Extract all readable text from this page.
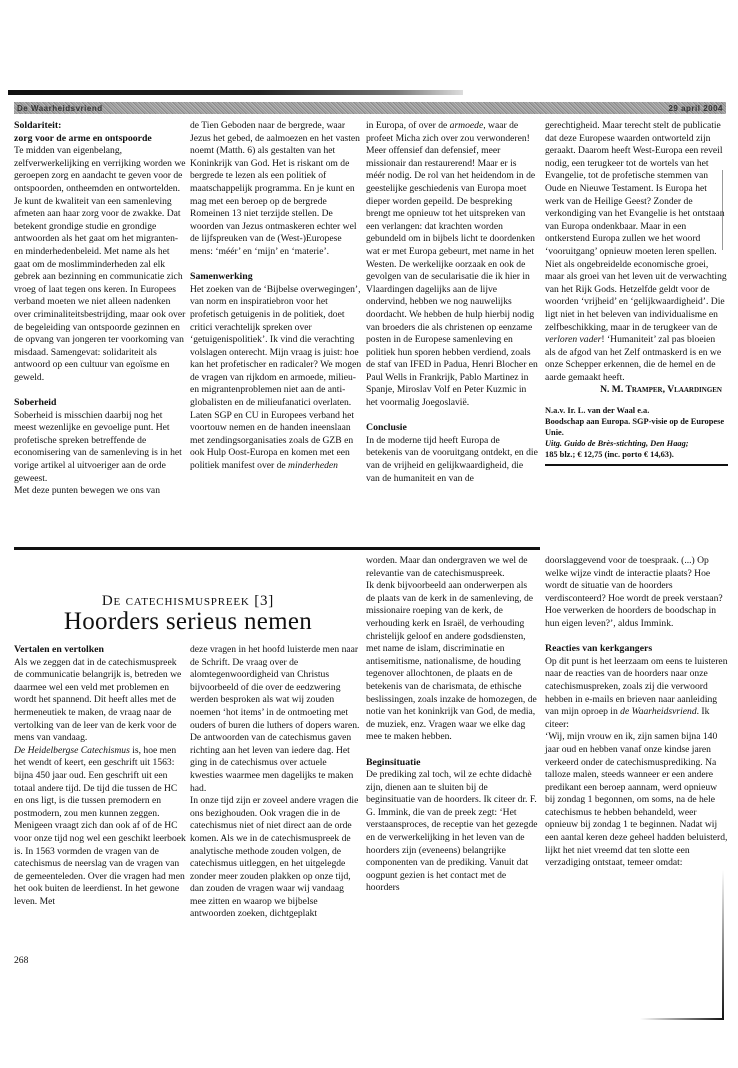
De Waarheidsvriend	29 april 2004
Soldariteit:
zorg voor de arme en ontspoorde

Te midden van eigenbelang, zelfverwerkelijking en verrijking worden we geroepen zorg en aandacht te geven voor de ontspoorden, ontheemden en ontwortelden. Je kunt de kwaliteit van een samenleving afmeten aan haar zorg voor de zwakke. Dat betekent grondige studie en grondige antwoorden als het gaat om het migranten- en minderhedenbeleid. Met name als het gaat om de moslimminderheden zal elk gebrek aan bezinning en communicatie zich vroeg of laat tegen ons keren. In Europees verband moeten we niet alleen nadenken over criminaliteitsbestrijding, maar ook over de begeleiding van ontspoorde gezinnen en de opvang van jongeren ter voorkoming van misdaad. Samengevat: solidariteit als antwoord op een cultuur van egoïsme en geweld.

Soberheid

Soberheid is misschien daarbij nog het meest wezenlijke en gevoelige punt. Het profetische spreken betreffende de economisering van de samenleving is in het vorige artikel al uitvoeriger aan de orde geweest.

Met deze punten bewegen we ons van

de Tien Geboden naar de bergrede, waar Jezus het gebed, de aalmoezen en het vasten noemt (Matth. 6) als gestalten van het Koninkrijk van God. Het is riskant om de bergrede te lezen als een politiek of maatschappelijk programma. En je kunt en mag met een beroep op de bergrede Romeinen 13 niet terzijde stellen. De woorden van Jezus ontmaskeren echter wel de lijfspreuken van de (West-)Europese mens: ‘méér’ en ‘mijn’ en ‘materie’.

Samenwerking

Het zoeken van de ‘Bijbelse overwegingen’, van norm en inspiratiebron voor het profetisch getuigenis in de politiek, doet critici verachtelijk spreken over ‘getuigenispolitiek’. Ik vind die verachting volslagen onterecht. Mijn vraag is juist: hoe kan het profetischer en radicaler? We mogen de vragen van rijkdom en armoede, milieu- en migrantenproblemen niet aan de anti-globalisten en de milieufanatici overlaten. Laten SGP en CU in Europees verband het voortouw nemen en de handen ineenslaan met zendingsorganisaties zoals de GZB en ook Hulp Oost-Europa en komen met een politiek manifest over de minderheden

in Europa, of over de armoede, waar de profeet Micha zich over zou verwonderen! Meer offensief dan defensief, meer missionair dan restaurerend! Maar er is méér nodig. De rol van het heidendom in de geestelijke geschiedenis van Europa moet dieper worden gepeild. De bespreking brengt me opnieuw tot het uitspreken van een verlangen: dat krachten worden gebundeld om in bijbels licht te doordenken wat er met Europa gebeurt, met name in het Westen. De werkelijke oorzaak en ook de gevolgen van de secularisatie die ik hier in Vlaardingen dagelijks aan de lijve ondervind, hebben we nog nauwelijks doordacht. We hebben de hulp hierbij nodig van broeders die als christenen op eenzame posten in de Europese samenleving en politiek hun sporen hebben verdiend, zoals de staf van IFED in Padua, Henri Blocher en Paul Wells in Frankrijk, Pablo Martinez in Spanje, Miroslav Volf en Peter Kuzmic in het voormalig Joegoslavië.

Conclusie

In de moderne tijd heeft Europa de betekenis van de vooruitgang ontdekt, en die van de vrijheid en gelijkwaardigheid, die van de humaniteit en van de

gerechtigheid. Maar terecht stelt de publicatie dat deze Europese waarden ontworteld zijn geraakt. Daarom heeft West-Europa een reveil nodig, een terugkeer tot de wortels van het Evangelie, tot de profetische stemmen van Oude en Nieuwe Testament. Is Europa het werk van de Heilige Geest? Zonder de verkondiging van het Evangelie is het ontstaan van Europa ondenkbaar. Maar in een ontkerstend Europa zullen we het woord ‘vooruitgang’ opnieuw moeten leren spellen. Niet als ongebreidelde economische groei, maar als groei van het leven uit de verwachting van het Rijk Gods. Hetzelfde geldt voor de woorden ‘vrijheid’ en ‘gelijkwaardigheid’. Die ligt niet in het beleven van individualisme en zelfbeschikking, maar in de terugkeer van de verloren vader! ‘Humaniteit’ zal pas bloeien als de afgod van het Zelf ontmaskerd is en we onze Schepper erkennen, die de hemel en de aarde gemaakt heeft.

N. M. Tramper, Vlaardingen

N.a.v. Ir. L. van der Waal e.a.
Boodschap aan Europa. SGP-visie op de Europese Unie.
Uitg. Guido de Brès-stichting, Den Haag;
185 blz.; € 12,75 (inc. porto € 14,63).
De catechismuspreek [3]
Hoorders serieus nemen
Vertalen en vertolken

Als we zeggen dat in de catechismuspreek de communicatie belangrijk is, betreden we daarmee wel een veld met problemen en wordt het spannend. Dit heeft alles met de hermeneutiek te maken, de vraag naar de vertolking van de leer van de kerk voor de mens van vandaag.

De Heidelbergse Catechismus is, hoe men het wendt of keert, een geschrift uit 1563: bijna 450 jaar oud. Een geschrift uit een totaal andere tijd. De tijd die tussen de HC en ons ligt, is die tussen premodern en postmodern, zou men kunnen zeggen. Menigeen vraagt zich dan ook af of de HC voor onze tijd nog wel een geschikt leerboek is. In 1563 vormden de vragen van de catechismus de neerslag van de vragen van de gemeenteleden. Over die vragen had men het ook buiten de leerdienst. In het gewone leven. Met

deze vragen in het hoofd luisterde men naar de Schrift. De vraag over de alomtegenwoordigheid van Christus bijvoorbeeld of die over de eedzwering werden besproken als wat wij zouden noemen ‘hot items’ in de ontmoeting met ouders of buren die luthers of dopers waren. De antwoorden van de catechismus gaven richting aan het leven van iedere dag. Het ging in de catechismus over actuele kwesties waarmee men dagelijks te maken had.

In onze tijd zijn er zoveel andere vragen die ons bezighouden. Ook vragen die in de catechismus niet of niet direct aan de orde komen. Als we in de catechismuspreek de analytische methode zouden volgen, de catechismus uitleggen, en het uitgelegde zonder meer zouden plakken op onze tijd, dan zouden de vragen waar wij vandaag mee zitten en waarop we bijbelse antwoorden zoeken, dichtgeplakt

worden. Maar dan ondergraven we wel de relevantie van de catechismuspreek.

Ik denk bijvoorbeeld aan onderwerpen als de plaats van de kerk in de samenleving, de missionaire roeping van de kerk, de verhouding kerk en Israël, de verhouding christelijk geloof en andere godsdiensten, met name de islam, discriminatie en antisemitisme, nationalisme, de houding tegenover allochtonen, de plaats en de betekenis van de charismata, de ethische beslissingen, zoals inzake de homozegen, de notie van het koninkrijk van God, de media, de muziek, enz. Vragen waar we elke dag mee te maken hebben.

Beginsituatie

De prediking zal toch, wil ze echte didachè zijn, dienen aan te sluiten bij de beginsituatie van de hoorders. Ik citeer dr. F. G. Immink, die van de preek zegt: ‘Het verstaansproces, de receptie van het gezegde en de verwerkelijking in het leven van de hoorders zijn (eveneens) belangrijke componenten van de prediking. Vanuit dat oogpunt gezien is het contact met de hoorders

doorslaggevend voor de toespraak. (...) Op welke wijze vindt de interactie plaats? Hoe wordt de situatie van de hoorders verdisconteerd? Hoe wordt de preek verstaan? Hoe verwerken de hoorders de boodschap in hun eigen leven?’, aldus Immink.

Reacties van kerkgangers

Op dit punt is het leerzaam om eens te luisteren naar de reacties van de hoorders naar onze catechismuspreken, zoals zij die verwoord hebben in e-mails en brieven naar aanleiding van mijn oproep in de Waarheidsvriend. Ik citeer:

‘Wij, mijn vrouw en ik, zijn samen bijna 140 jaar oud en hebben vanaf onze kindse jaren verkeerd onder de catechismusprediking. Na talloze malen, steeds wanneer er een andere predikant een beroep aannam, werd opnieuw bij zondag 1 begonnen, om soms, na de hele catechismus te hebben behandeld, weer opnieuw bij zondag 1 te beginnen. Nadat wij een aantal keren deze geheel hadden beluisterd, lijkt het niet vreemd dat ten slotte een verzadiging ontstaat, temeer omdat:

268
